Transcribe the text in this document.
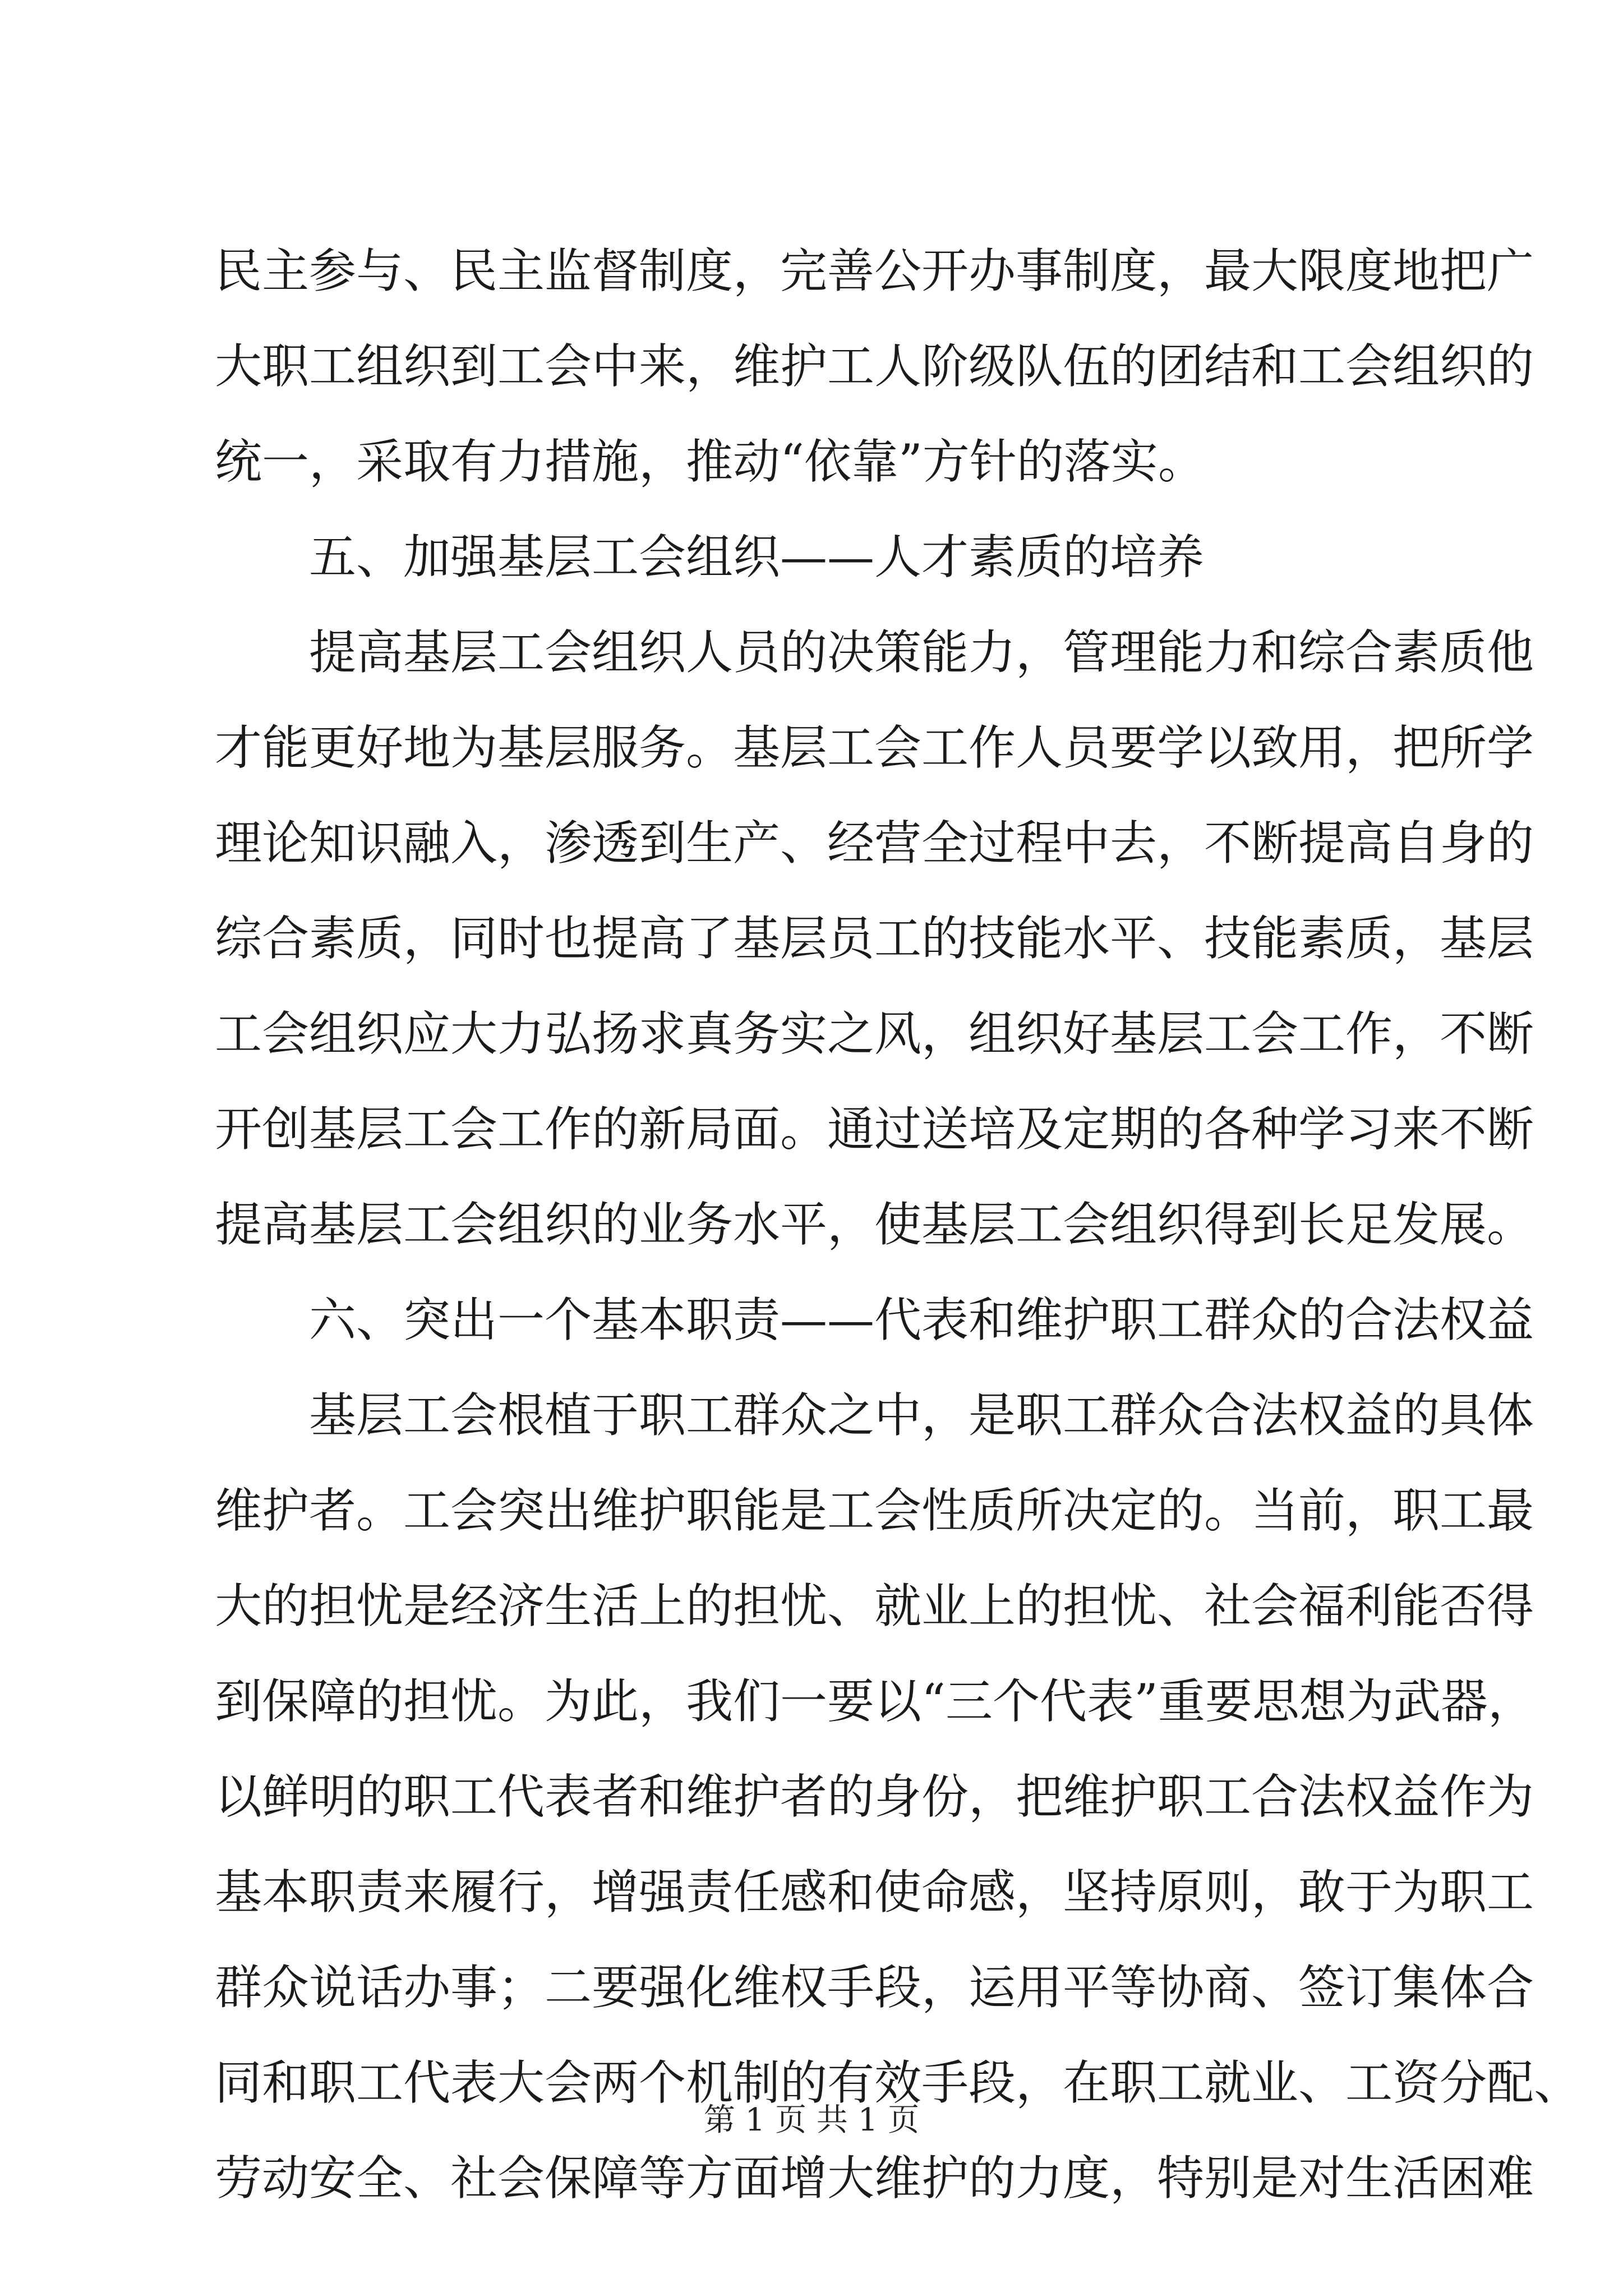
民主参与、民主监督制度，完善公开办事制度，最大限度地把广
大职工组织到工会中来，维护工人阶级队伍的团结和工会组织的
统一，采取有力措施，推动“依靠”方针的落实。
五、加强基层工会组织——人才素质的培养
提高基层工会组织人员的决策能力，管理能力和综合素质他
才能更好地为基层服务。基层工会工作人员要学以致用，把所学
理论知识融入，渗透到生产、经营全过程中去，不断提高自身的
综合素质，同时也提高了基层员工的技能水平、技能素质，基层
工会组织应大力弘扬求真务实之风，组织好基层工会工作，不断
开创基层工会工作的新局面。通过送培及定期的各种学习来不断
提高基层工会组织的业务水平，使基层工会组织得到长足发展。
六、突出一个基本职责——代表和维护职工群众的合法权益
基层工会根植于职工群众之中，是职工群众合法权益的具体
维护者。工会突出维护职能是工会性质所决定的。当前，职工最
大的担忧是经济生活上的担忧、就业上的担忧、社会福利能否得
到保障的担忧。为此，我们一要以“三个代表”重要思想为武器，
以鲜明的职工代表者和维护者的身份，把维护职工合法权益作为
基本职责来履行，增强责任感和使命感，坚持原则，敢于为职工
群众说话办事；二要强化维权手段，运用平等协商、签订集体合
同和职工代表大会两个机制的有效手段，在职工就业、工资分配、
劳动安全、社会保障等方面增大维护的力度，特别是对生活困难
第 1 页 共 1 页
